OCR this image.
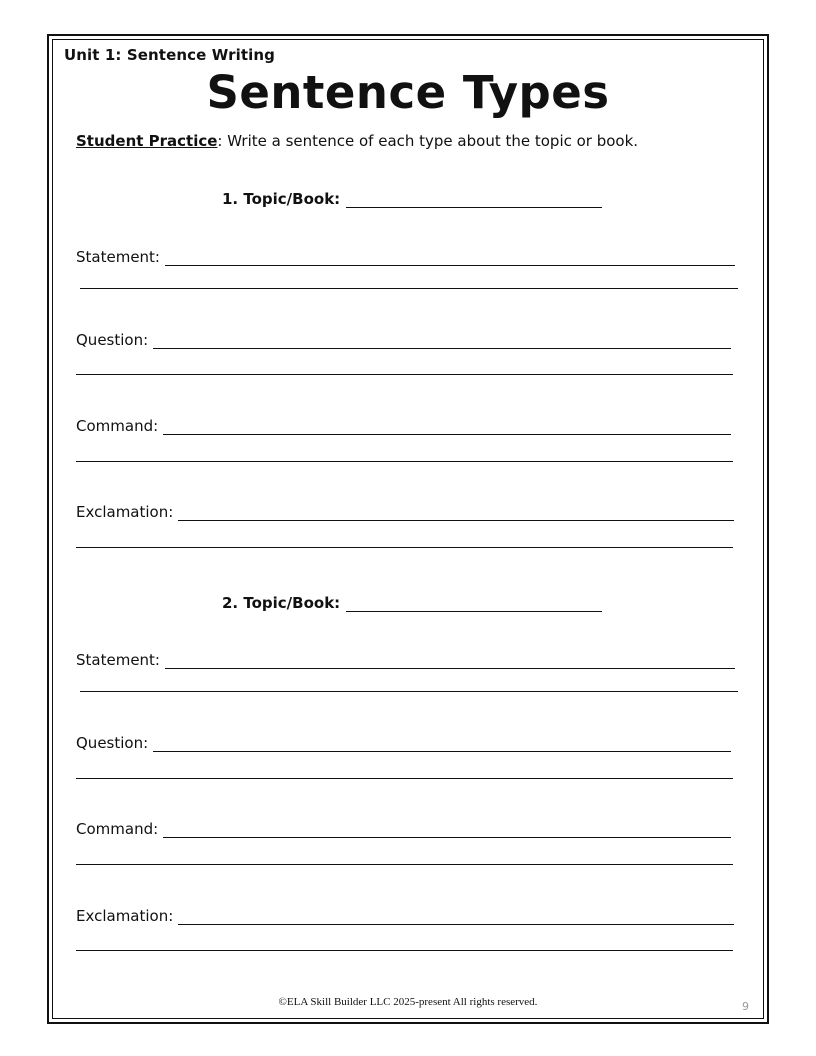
Unit 1: Sentence Writing
Sentence Types
Student Practice: Write a sentence of each type about the topic or book.
1. Topic/Book:
Statement:
Question:
Command:
Exclamation:
2. Topic/Book:
Statement:
Question:
Command:
Exclamation:
©ELA Skill Builder LLC 2025-present All rights reserved.	9
